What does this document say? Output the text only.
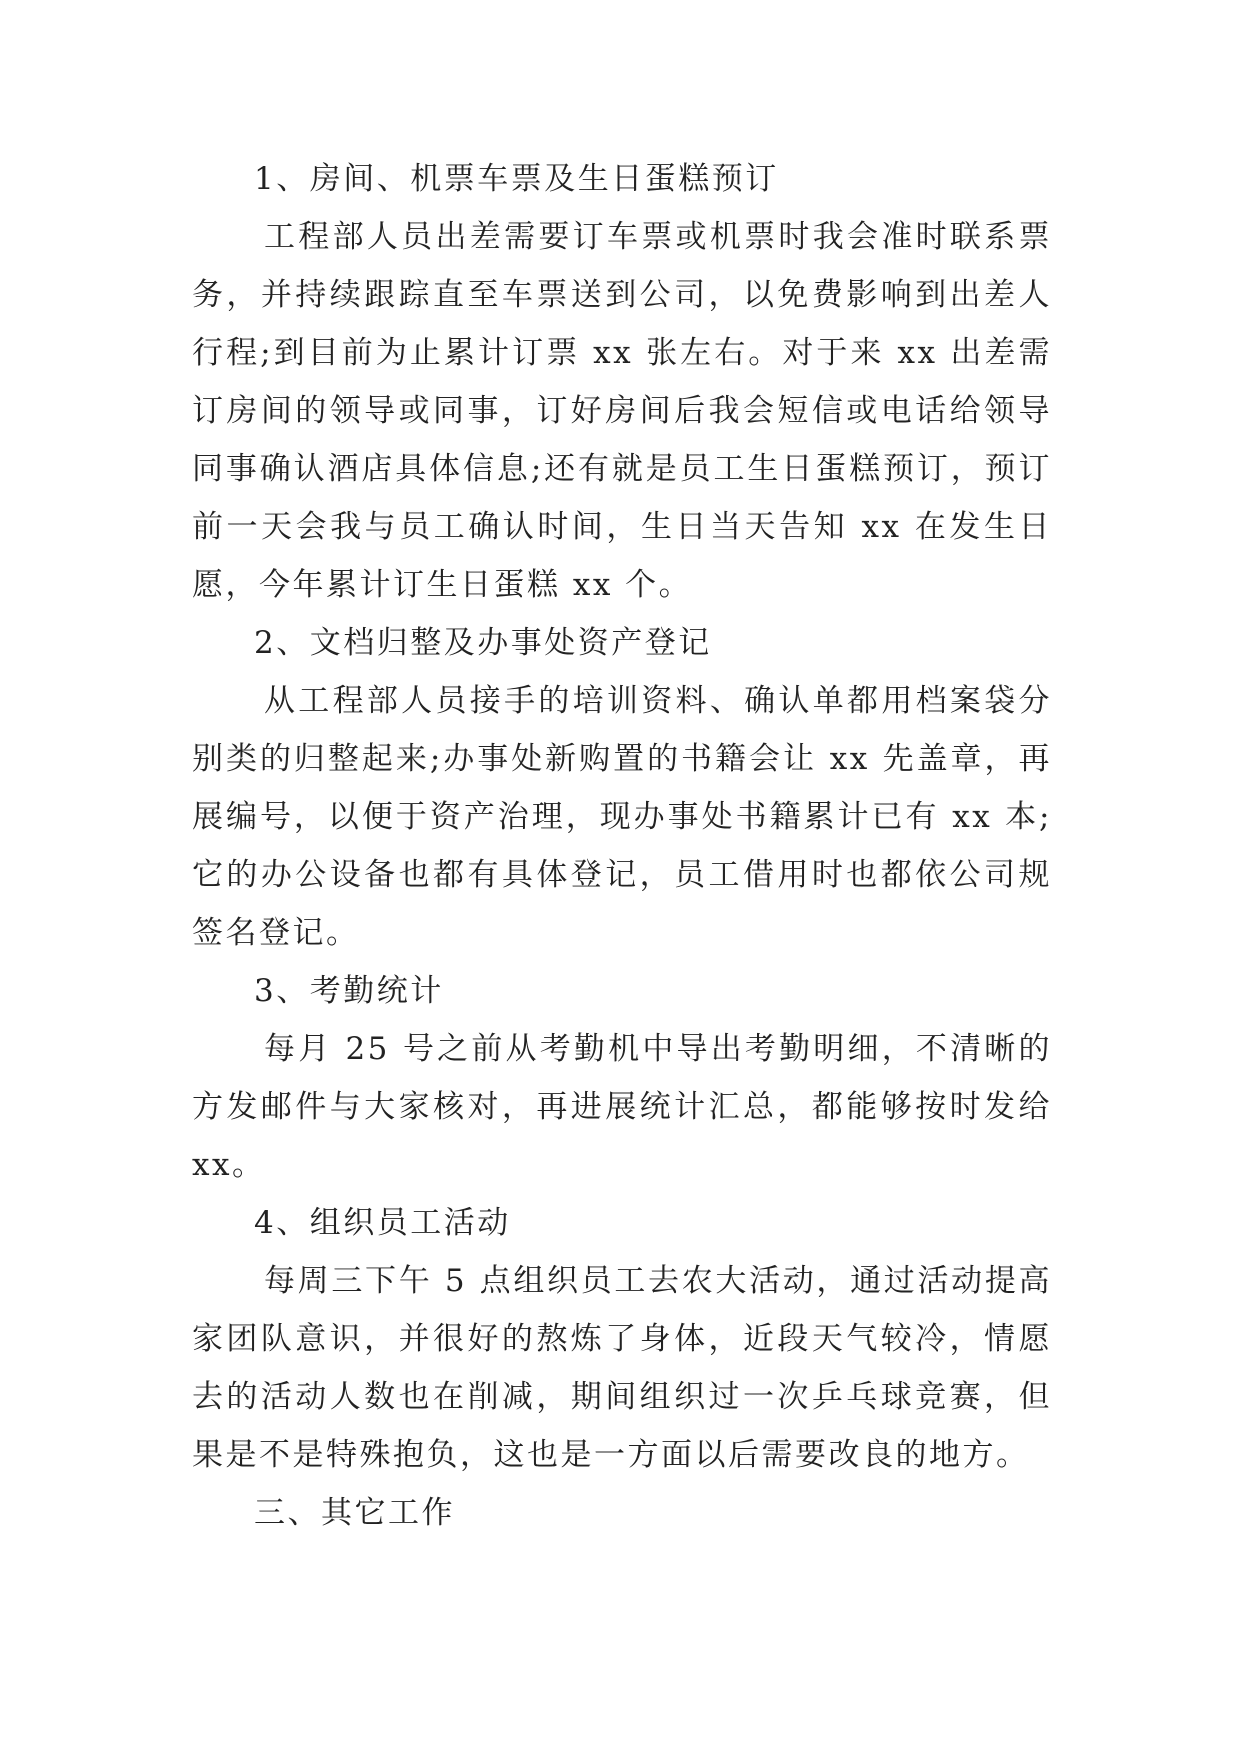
1、房间、机票车票及生日蛋糕预订
工程部人员出差需要订车票或机票时我会准时联系票
务，并持续跟踪直至车票送到公司，以免费影响到出差人
行程;到目前为止累计订票 xx 张左右。对于来 xx 出差需
订房间的领导或同事，订好房间后我会短信或电话给领导
同事确认酒店具体信息;还有就是员工生日蛋糕预订，预订
前一天会我与员工确认时间，生日当天告知 xx 在发生日
愿，今年累计订生日蛋糕 xx 个。
2、文档归整及办事处资产登记
从工程部人员接手的培训资料、确认单都用档案袋分
别类的归整起来;办事处新购置的书籍会让 xx 先盖章，再
展编号，以便于资产治理，现办事处书籍累计已有 xx 本;
它的办公设备也都有具体登记，员工借用时也都依公司规
签名登记。
3、考勤统计
每月 25 号之前从考勤机中导出考勤明细，不清晰的
方发邮件与大家核对，再进展统计汇总，都能够按时发给
xx。
4、组织员工活动
每周三下午 5 点组织员工去农大活动，通过活动提高
家团队意识，并很好的熬炼了身体，近段天气较冷，情愿
去的活动人数也在削减，期间组织过一次乒乓球竞赛，但
果是不是特殊抱负，这也是一方面以后需要改良的地方。
三、其它工作
